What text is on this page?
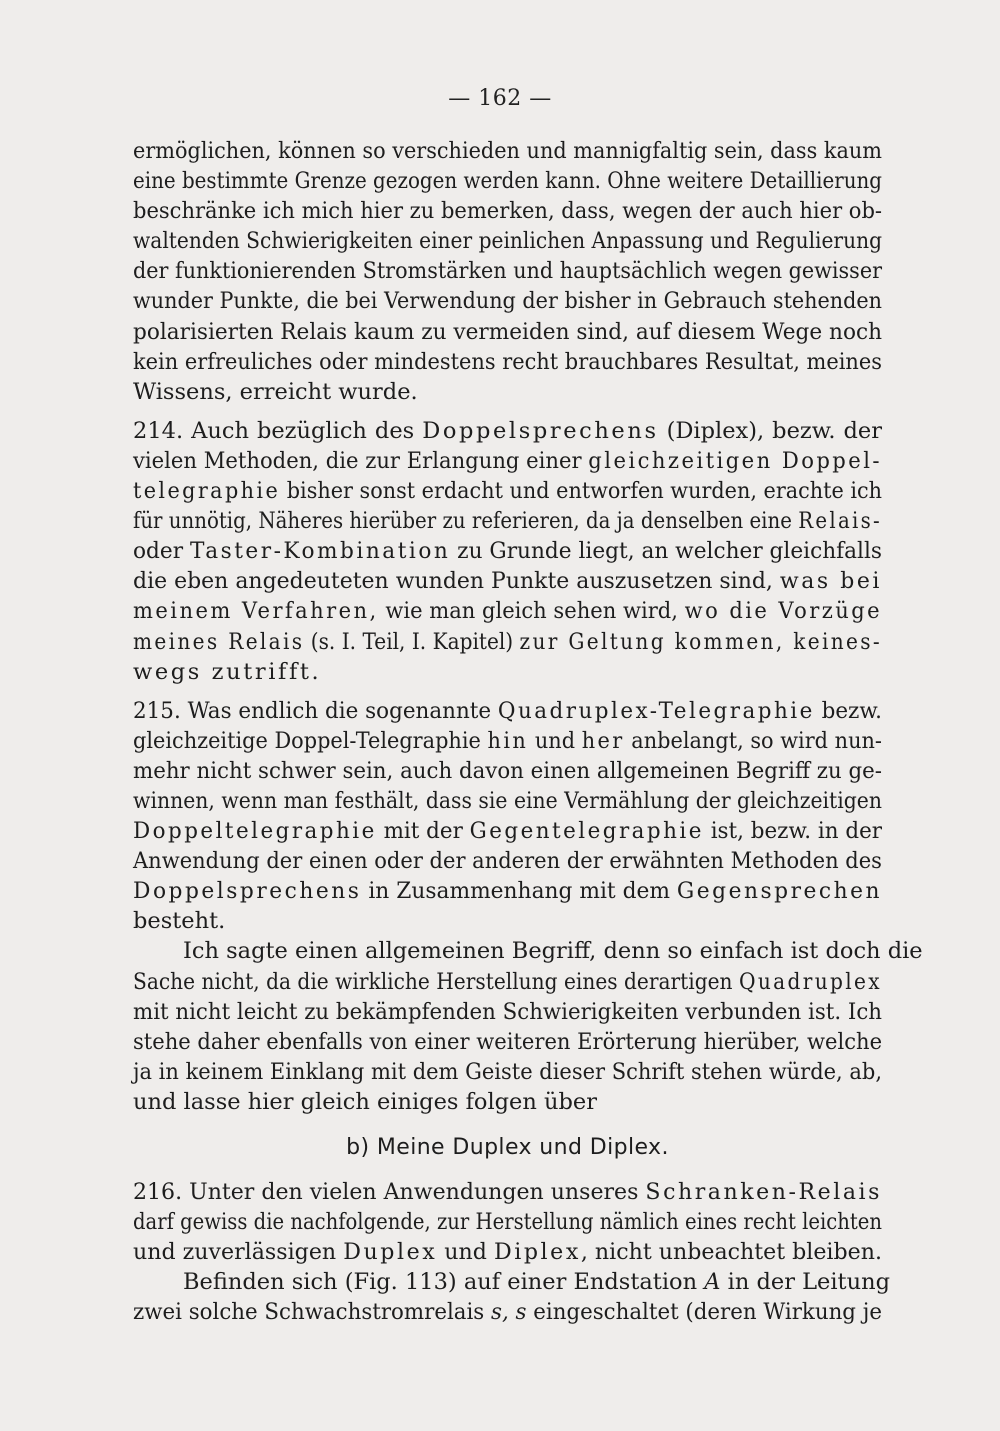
— 162 —
ermöglichen, können so verschieden und mannigfaltig sein, dass kaum
eine bestimmte Grenze gezogen werden kann. Ohne weitere Detaillierung
beschränke ich mich hier zu bemerken, dass, wegen der auch hier ob-
waltenden Schwierigkeiten einer peinlichen Anpassung und Regulierung
der funktionierenden Stromstärken und hauptsächlich wegen gewisser
wunder Punkte, die bei Verwendung der bisher in Gebrauch stehenden
polarisierten Relais kaum zu vermeiden sind, auf diesem Wege noch
kein erfreuliches oder mindestens recht brauchbares Resultat, meines
Wissens, erreicht wurde.
214. Auch bezüglich des Doppelsprechens (Diplex), bezw. der
vielen Methoden, die zur Erlangung einer gleichzeitigen Doppel-
telegraphie bisher sonst erdacht und entworfen wurden, erachte ich
für unnötig, Näheres hierüber zu referieren, da ja denselben eine Relais-
oder Taster-Kombination zu Grunde liegt, an welcher gleichfalls
die eben angedeuteten wunden Punkte auszusetzen sind, was bei
meinem Verfahren, wie man gleich sehen wird, wo die Vorzüge
meines Relais (s. I. Teil, I. Kapitel) zur Geltung kommen, keines-
wegs zutrifft.
215. Was endlich die sogenannte Quadruplex-Telegraphie bezw.
gleichzeitige Doppel-Telegraphie hin und her anbelangt, so wird nun-
mehr nicht schwer sein, auch davon einen allgemeinen Begriff zu ge-
winnen, wenn man festhält, dass sie eine Vermählung der gleichzeitigen
Doppeltelegraphie mit der Gegentelegraphie ist, bezw. in der
Anwendung der einen oder der anderen der erwähnten Methoden des
Doppelsprechens in Zusammenhang mit dem Gegensprechen
besteht.
Ich sagte einen allgemeinen Begriff, denn so einfach ist doch die
Sache nicht, da die wirkliche Herstellung eines derartigen Quadruplex
mit nicht leicht zu bekämpfenden Schwierigkeiten verbunden ist. Ich
stehe daher ebenfalls von einer weiteren Erörterung hierüber, welche
ja in keinem Einklang mit dem Geiste dieser Schrift stehen würde, ab,
und lasse hier gleich einiges folgen über
b) Meine Duplex und Diplex.
216. Unter den vielen Anwendungen unseres Schranken-Relais
darf gewiss die nachfolgende, zur Herstellung nämlich eines recht leichten
und zuverlässigen Duplex und Diplex, nicht unbeachtet bleiben.
Befinden sich (Fig. 113) auf einer Endstation A in der Leitung
zwei solche Schwachstromrelais s, s eingeschaltet (deren Wirkung je
